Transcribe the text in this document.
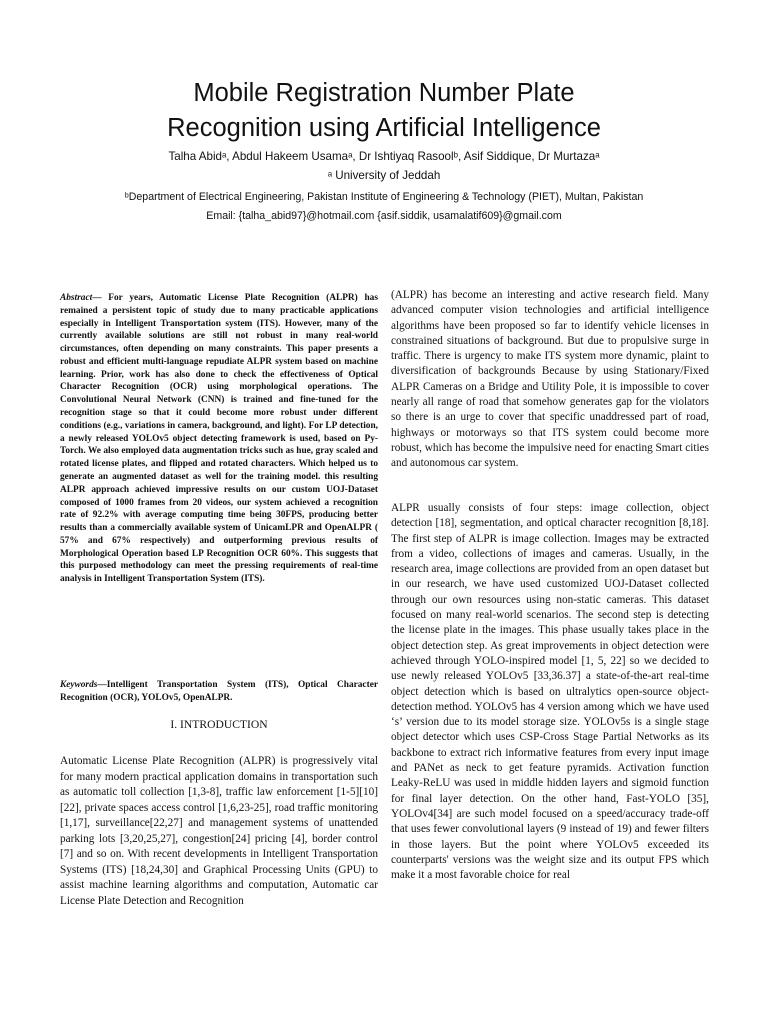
Mobile Registration Number Plate
Recognition using Artificial Intelligence
Talha Abidᵃ, Abdul Hakeem Usamaᵃ, Dr Ishtiyaq Rasoolᵇ, Asif Siddique, Dr Murtazaᵃ
ᵃ University of Jeddah
ᵇDepartment of Electrical Engineering, Pakistan Institute of Engineering & Technology (PIET), Multan, Pakistan
Email: {talha_abid97}@hotmail.com {asif.siddik, usamalatif609}@gmail.com

Abstract— For years, Automatic License Plate Recognition (ALPR) has remained a persistent topic of study due to many practicable applications especially in Intelligent Transportation system (ITS). However, many of the currently available solutions are still not robust in many real-world circumstances, often depending on many constraints. This paper presents a robust and efficient multi-language repudiate ALPR system based on machine learning. Prior, work has also done to check the effectiveness of Optical Character Recognition (OCR) using morphological operations. The Convolutional Neural Network (CNN) is trained and fine-tuned for the recognition stage so that it could become more robust under different conditions (e.g., variations in camera, background, and light). For LP detection, a newly released YOLOv5 object detecting framework is used, based on Py-Torch. We also employed data augmentation tricks such as hue, gray scaled and rotated license plates, and flipped and rotated characters. Which helped us to generate an augmented dataset as well for the training model. this resulting ALPR approach achieved impressive results on our custom UOJ-Dataset composed of 1000 frames from 20 videos, our system achieved a recognition rate of 92.2% with average computing time being 30FPS, producing better results than a commercially available system of UnicamLPR and OpenALPR ( 57% and 67% respectively) and outperforming previous results of Morphological Operation based LP Recognition OCR 60%. This suggests that this purposed methodology can meet the pressing requirements of real-time analysis in Intelligent Transportation System (ITS).

Keywords—Intelligent Transportation System (ITS), Optical Character Recognition (OCR), YOLOv5, OpenALPR.

I. INTRODUCTION

Automatic License Plate Recognition (ALPR) is progressively vital for many modern practical application domains in transportation such as automatic toll collection [1,3-8], traffic law enforcement [1-5][10][22], private spaces access control [1,6,23-25], road traffic monitoring [1,17], surveillance[22,27] and management systems of unattended parking lots [3,20,25,27], congestion[24] pricing [4], border control [7] and so on. With recent developments in Intelligent Transportation Systems (ITS) [18,24,30] and Graphical Processing Units (GPU) to assist machine learning algorithms and computation, Automatic car License Plate Detection and Recognition

(ALPR) has become an interesting and active research field. Many advanced computer vision technologies and artificial intelligence algorithms have been proposed so far to identify vehicle licenses in constrained situations of background. But due to propulsive surge in traffic. There is urgency to make ITS system more dynamic, plaint to diversification of backgrounds Because by using Stationary/Fixed ALPR Cameras on a Bridge and Utility Pole, it is impossible to cover nearly all range of road that somehow generates gap for the violators so there is an urge to cover that specific unaddressed part of road, highways or motorways so that ITS system could become more robust, which has become the impulsive need for enacting Smart cities and autonomous car system.

ALPR usually consists of four steps: image collection, object detection [18], segmentation, and optical character recognition [8,18]. The first step of ALPR is image collection. Images may be extracted from a video, collections of images and cameras. Usually, in the research area, image collections are provided from an open dataset but in our research, we have used customized UOJ-Dataset collected through our own resources using non-static cameras. This dataset focused on many real-world scenarios. The second step is detecting the license plate in the images. This phase usually takes place in the object detection step. As great improvements in object detection were achieved through YOLO-inspired model [1, 5, 22] so we decided to use newly released YOLOv5 [33,36.37] a state-of-the-art real-time object detection which is based on ultralytics open-source object-detection method. YOLOv5 has 4 version among which we have used ‘s’ version due to its model storage size. YOLOv5s is a single stage object detector which uses CSP-Cross Stage Partial Networks as its backbone to extract rich informative features from every input image and PANet as neck to get feature pyramids. Activation function Leaky-ReLU was used in middle hidden layers and sigmoid function for final layer detection. On the other hand, Fast-YOLO [35], YOLOv4[34] are such model focused on a speed/accuracy trade-off that uses fewer convolutional layers (9 instead of 19) and fewer filters in those layers. But the point where YOLOv5 exceeded its counterparts' versions was the weight size and its output FPS which make it a most favorable choice for real
